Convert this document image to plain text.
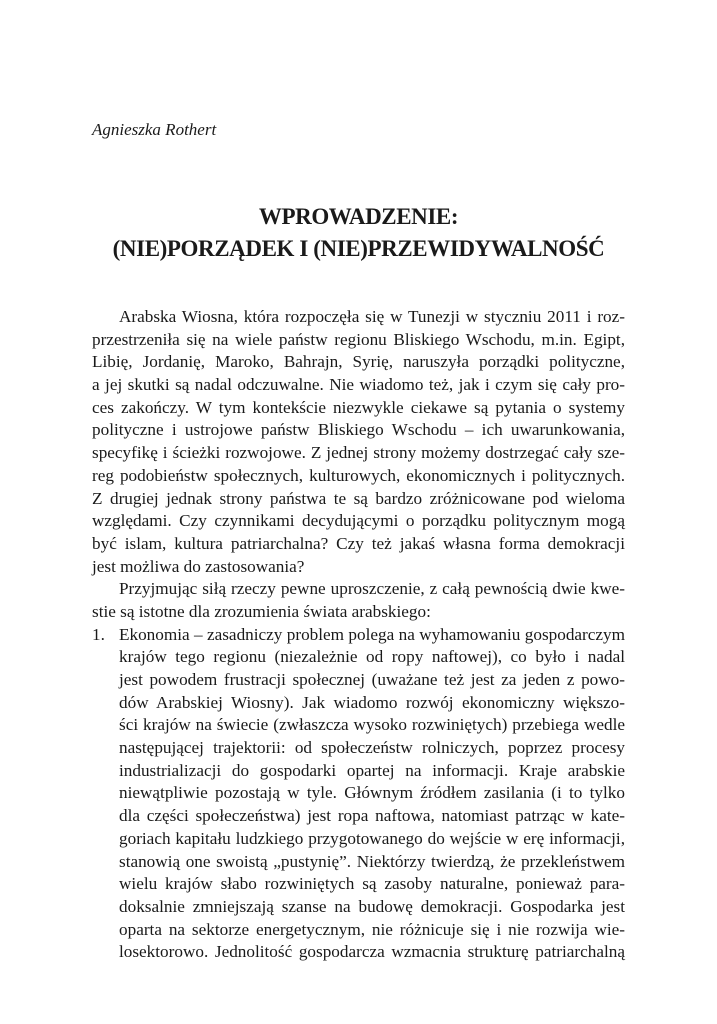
Agnieszka Rothert
WPROWADZENIE:
(NIE)PORZĄDEK I (NIE)PRZEWIDYWALNOŚĆ
Arabska Wiosna, która rozpoczęła się w Tunezji w styczniu 2011 i roz-
przestrzeniła się na wiele państw regionu Bliskiego Wschodu, m.in. Egipt,
Libię, Jordanię, Maroko, Bahrajn, Syrię, naruszyła porządki polityczne,
a jej skutki są nadal odczuwalne. Nie wiadomo też, jak i czym się cały pro-
ces zakończy. W tym kontekście niezwykle ciekawe są pytania o systemy
polityczne i ustrojowe państw Bliskiego Wschodu – ich uwarunkowania,
specyfikę i ścieżki rozwojowe. Z jednej strony możemy dostrzegać cały sze-
reg podobieństw społecznych, kulturowych, ekonomicznych i politycznych.
Z drugiej jednak strony państwa te są bardzo zróżnicowane pod wieloma
względami. Czy czynnikami decydującymi o porządku politycznym mogą
być islam, kultura patriarchalna? Czy też jakaś własna forma demokracji
jest możliwa do zastosowania?
Przyjmując siłą rzeczy pewne uproszczenie, z całą pewnością dwie kwe-
stie są istotne dla zrozumienia świata arabskiego:
1. Ekonomia – zasadniczy problem polega na wyhamowaniu gospodarczym
krajów tego regionu (niezależnie od ropy naftowej), co było i nadal
jest powodem frustracji społecznej (uważane też jest za jeden z powo-
dów Arabskiej Wiosny). Jak wiadomo rozwój ekonomiczny większo-
ści krajów na świecie (zwłaszcza wysoko rozwiniętych) przebiega wedle
następującej trajektorii: od społeczeństw rolniczych, poprzez procesy
industrializacji do gospodarki opartej na informacji. Kraje arabskie
niewątpliwie pozostają w tyle. Głównym źródłem zasilania (i to tylko
dla części społeczeństwa) jest ropa naftowa, natomiast patrząc w kate-
goriach kapitału ludzkiego przygotowanego do wejście w erę informacji,
stanowią one swoistą „pustynię”. Niektórzy twierdzą, że przekleństwem
wielu krajów słabo rozwiniętych są zasoby naturalne, ponieważ para-
doksalnie zmniejszają szanse na budowę demokracji. Gospodarka jest
oparta na sektorze energetycznym, nie różnicuje się i nie rozwija wie-
losektorowo. Jednolitość gospodarcza wzmacnia strukturę patriarchalną
